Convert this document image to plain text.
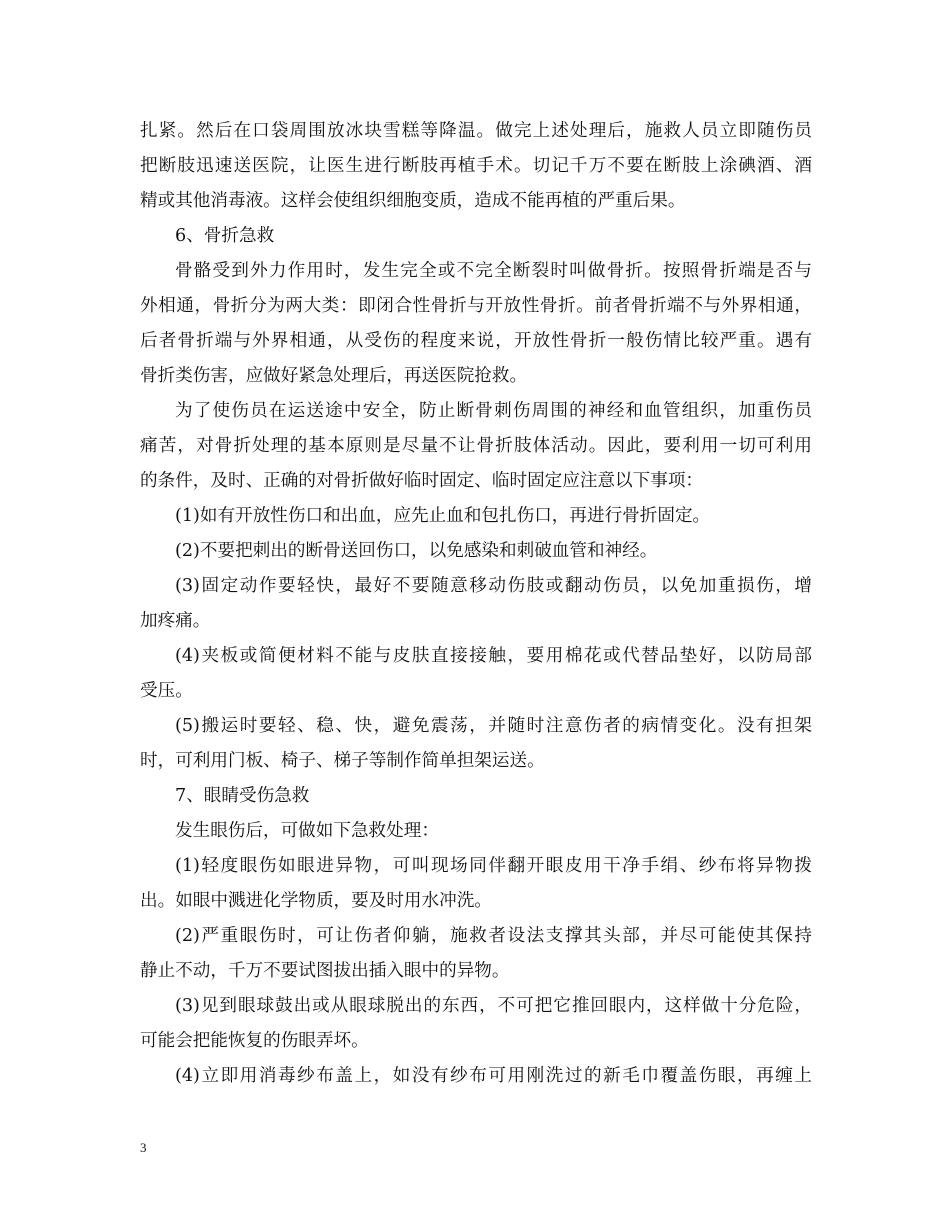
扎紧。然后在口袋周围放冰块雪糕等降温。做完上述处理后，施救人员立即随伤员
把断肢迅速送医院，让医生进行断肢再植手术。切记千万不要在断肢上涂碘酒、酒
精或其他消毒液。这样会使组织细胞变质，造成不能再植的严重后果。
6、骨折急救
骨骼受到外力作用时，发生完全或不完全断裂时叫做骨折。按照骨折端是否与
外相通，骨折分为两大类：即闭合性骨折与开放性骨折。前者骨折端不与外界相通，
后者骨折端与外界相通，从受伤的程度来说，开放性骨折一般伤情比较严重。遇有
骨折类伤害，应做好紧急处理后，再送医院抢救。
为了使伤员在运送途中安全，防止断骨刺伤周围的神经和血管组织，加重伤员
痛苦，对骨折处理的基本原则是尽量不让骨折肢体活动。因此，要利用一切可利用
的条件，及时、正确的对骨折做好临时固定、临时固定应注意以下事项：
(1)如有开放性伤口和出血，应先止血和包扎伤口，再进行骨折固定。
(2)不要把刺出的断骨送回伤口，以免感染和刺破血管和神经。
(3)固定动作要轻快，最好不要随意移动伤肢或翻动伤员，以免加重损伤，增
加疼痛。
(4)夹板或简便材料不能与皮肤直接接触，要用棉花或代替品垫好，以防局部
受压。
(5)搬运时要轻、稳、快，避免震荡，并随时注意伤者的病情变化。没有担架
时，可利用门板、椅子、梯子等制作简单担架运送。
7、眼睛受伤急救
发生眼伤后，可做如下急救处理：
(1)轻度眼伤如眼进异物，可叫现场同伴翻开眼皮用干净手绢、纱布将异物拨
出。如眼中溅进化学物质，要及时用水冲洗。
(2)严重眼伤时，可让伤者仰躺，施救者设法支撑其头部，并尽可能使其保持
静止不动，千万不要试图拔出插入眼中的异物。
(3)见到眼球鼓出或从眼球脱出的东西，不可把它推回眼内，这样做十分危险，
可能会把能恢复的伤眼弄坏。
(4)立即用消毒纱布盖上，如没有纱布可用刚洗过的新毛巾覆盖伤眼，再缠上
3
